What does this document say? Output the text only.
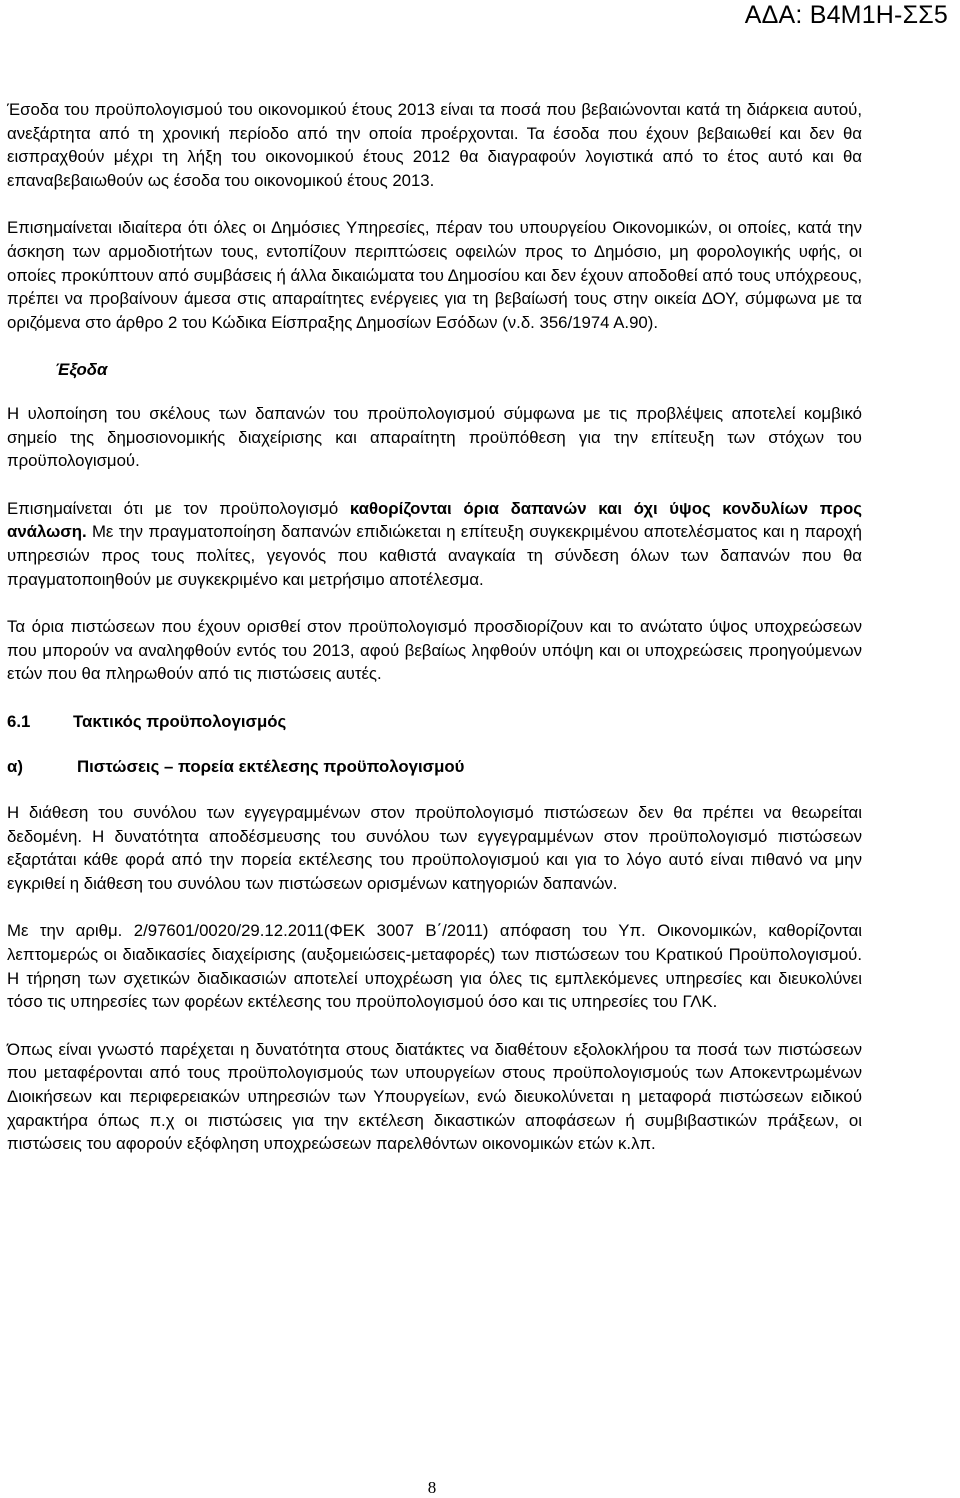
ΑΔΑ: Β4Μ1Η-ΣΣ5

Έσοδα του προϋπολογισμού του οικονομικού έτους 2013 είναι τα ποσά που βεβαιώνονται κατά τη διάρκεια αυτού, ανεξάρτητα από τη χρονική περίοδο από την οποία προέρχονται. Τα έσοδα που έχουν βεβαιωθεί και δεν θα εισπραχθούν μέχρι τη λήξη του οικονομικού έτους 2012 θα διαγραφούν λογιστικά από το έτος αυτό και θα επαναβεβαιωθούν ως έσοδα του οικονομικού έτους 2013.

Επισημαίνεται ιδιαίτερα ότι όλες οι Δημόσιες Υπηρεσίες, πέραν του υπουργείου Οικονομικών, οι οποίες, κατά την άσκηση των αρμοδιοτήτων τους, εντοπίζουν περιπτώσεις οφειλών προς το Δημόσιο, μη φορολογικής υφής, οι οποίες προκύπτουν από συμβάσεις ή άλλα δικαιώματα του Δημοσίου και δεν έχουν αποδοθεί από τους υπόχρεους, πρέπει να προβαίνουν άμεσα στις απαραίτητες ενέργειες για τη βεβαίωσή τους στην οικεία ΔΟΥ, σύμφωνα με τα οριζόμενα στο άρθρο 2 του Κώδικα Είσπραξης Δημοσίων Εσόδων (ν.δ. 356/1974 Α.90).

Έξοδα

Η υλοποίηση του σκέλους των δαπανών του προϋπολογισμού σύμφωνα με τις προβλέψεις αποτελεί κομβικό σημείο της δημοσιονομικής διαχείρισης και απαραίτητη προϋπόθεση για την επίτευξη των στόχων του προϋπολογισμού.

Επισημαίνεται ότι με τον προϋπολογισμό καθορίζονται όρια δαπανών και όχι ύψος κονδυλίων προς ανάλωση. Με την πραγματοποίηση δαπανών επιδιώκεται η επίτευξη συγκεκριμένου αποτελέσματος και η παροχή υπηρεσιών προς τους πολίτες, γεγονός που καθιστά αναγκαία τη σύνδεση όλων των δαπανών που θα πραγματοποιηθούν με συγκεκριμένο και μετρήσιμο αποτέλεσμα.

Τα όρια πιστώσεων που έχουν ορισθεί στον προϋπολογισμό προσδιορίζουν και το ανώτατο ύψος υποχρεώσεων που μπορούν να αναληφθούν εντός του 2013, αφού βεβαίως ληφθούν υπόψη και οι υποχρεώσεις προηγούμενων ετών που θα πληρωθούν από τις πιστώσεις αυτές.

6.1	Τακτικός προϋπολογισμός
α)	Πιστώσεις – πορεία εκτέλεσης προϋπολογισμού

Η διάθεση του συνόλου των εγγεγραμμένων στον προϋπολογισμό πιστώσεων δεν θα πρέπει να θεωρείται δεδομένη. Η δυνατότητα αποδέσμευσης του συνόλου των εγγεγραμμένων στον προϋπολογισμό πιστώσεων εξαρτάται κάθε φορά από την πορεία εκτέλεσης του προϋπολογισμού και για το λόγο αυτό είναι πιθανό να μην εγκριθεί η διάθεση του συνόλου των πιστώσεων ορισμένων κατηγοριών δαπανών.

Με την αριθμ. 2/97601/0020/29.12.2011(ΦΕΚ 3007 Β΄/2011) απόφαση του Υπ. Οικονομικών, καθορίζονται λεπτομερώς οι διαδικασίες διαχείρισης (αυξομειώσεις-μεταφορές) των πιστώσεων του Κρατικού Προϋπολογισμού. Η τήρηση των σχετικών διαδικασιών αποτελεί υποχρέωση για όλες τις εμπλεκόμενες υπηρεσίες και διευκολύνει τόσο τις υπηρεσίες των φορέων εκτέλεσης του προϋπολογισμού όσο και τις υπηρεσίες του ΓΛΚ.

Όπως είναι γνωστό παρέχεται η δυνατότητα στους διατάκτες να διαθέτουν εξολοκλήρου τα ποσά των πιστώσεων που μεταφέρονται από τους προϋπολογισμούς των υπουργείων στους προϋπολογισμούς των Αποκεντρωμένων Διοικήσεων και περιφερειακών υπηρεσιών των Υπουργείων, ενώ διευκολύνεται η μεταφορά πιστώσεων ειδικού χαρακτήρα όπως π.χ οι πιστώσεις για την εκτέλεση δικαστικών αποφάσεων ή συμβιβαστικών πράξεων, οι πιστώσεις του αφορούν εξόφληση υποχρεώσεων παρελθόντων οικονομικών ετών κ.λπ.

8
